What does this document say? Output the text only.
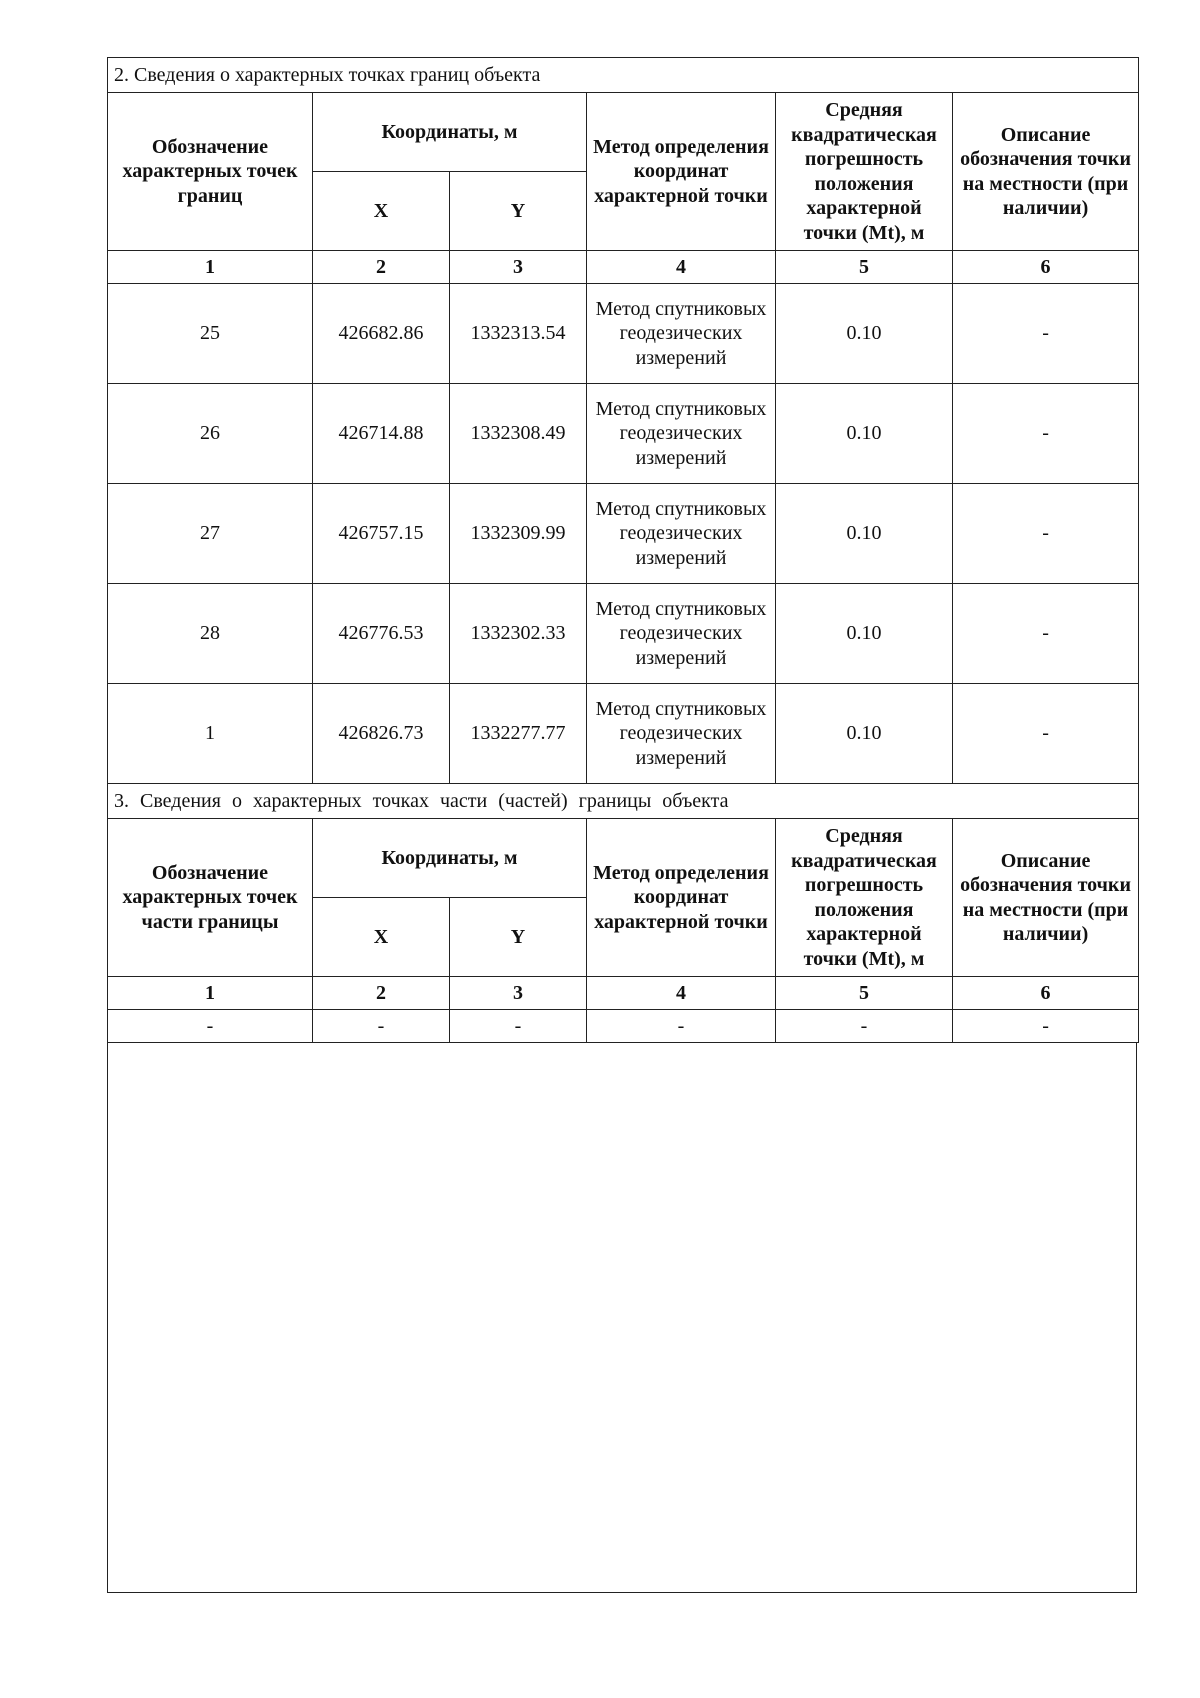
2. Сведения о характерных точках границ объекта					
Обозначение характерных точек границ	Координаты, м		Метод определения координат характерной точки	Средняя квадратическая погрешность положения характерной точки (Mt), м	Описание обозначения точки на местности (при наличии)
	X	Y			
1	2	3	4	5	6
25	426682.86	1332313.54	Метод спутниковых геодезических измерений	0.10	-
26	426714.88	1332308.49	Метод спутниковых геодезических измерений	0.10	-
27	426757.15	1332309.99	Метод спутниковых геодезических измерений	0.10	-
28	426776.53	1332302.33	Метод спутниковых геодезических измерений	0.10	-
1	426826.73	1332277.77	Метод спутниковых геодезических измерений	0.10	-
3. Сведения о характерных точках части (частей) границы объекта					
Обозначение характерных точек части границы	Координаты, м		Метод определения координат характерной точки	Средняя квадратическая погрешность положения характерной точки (Mt), м	Описание обозначения точки на местности (при наличии)
	X	Y			
1	2	3	4	5	6
-	-	-	-	-	-
